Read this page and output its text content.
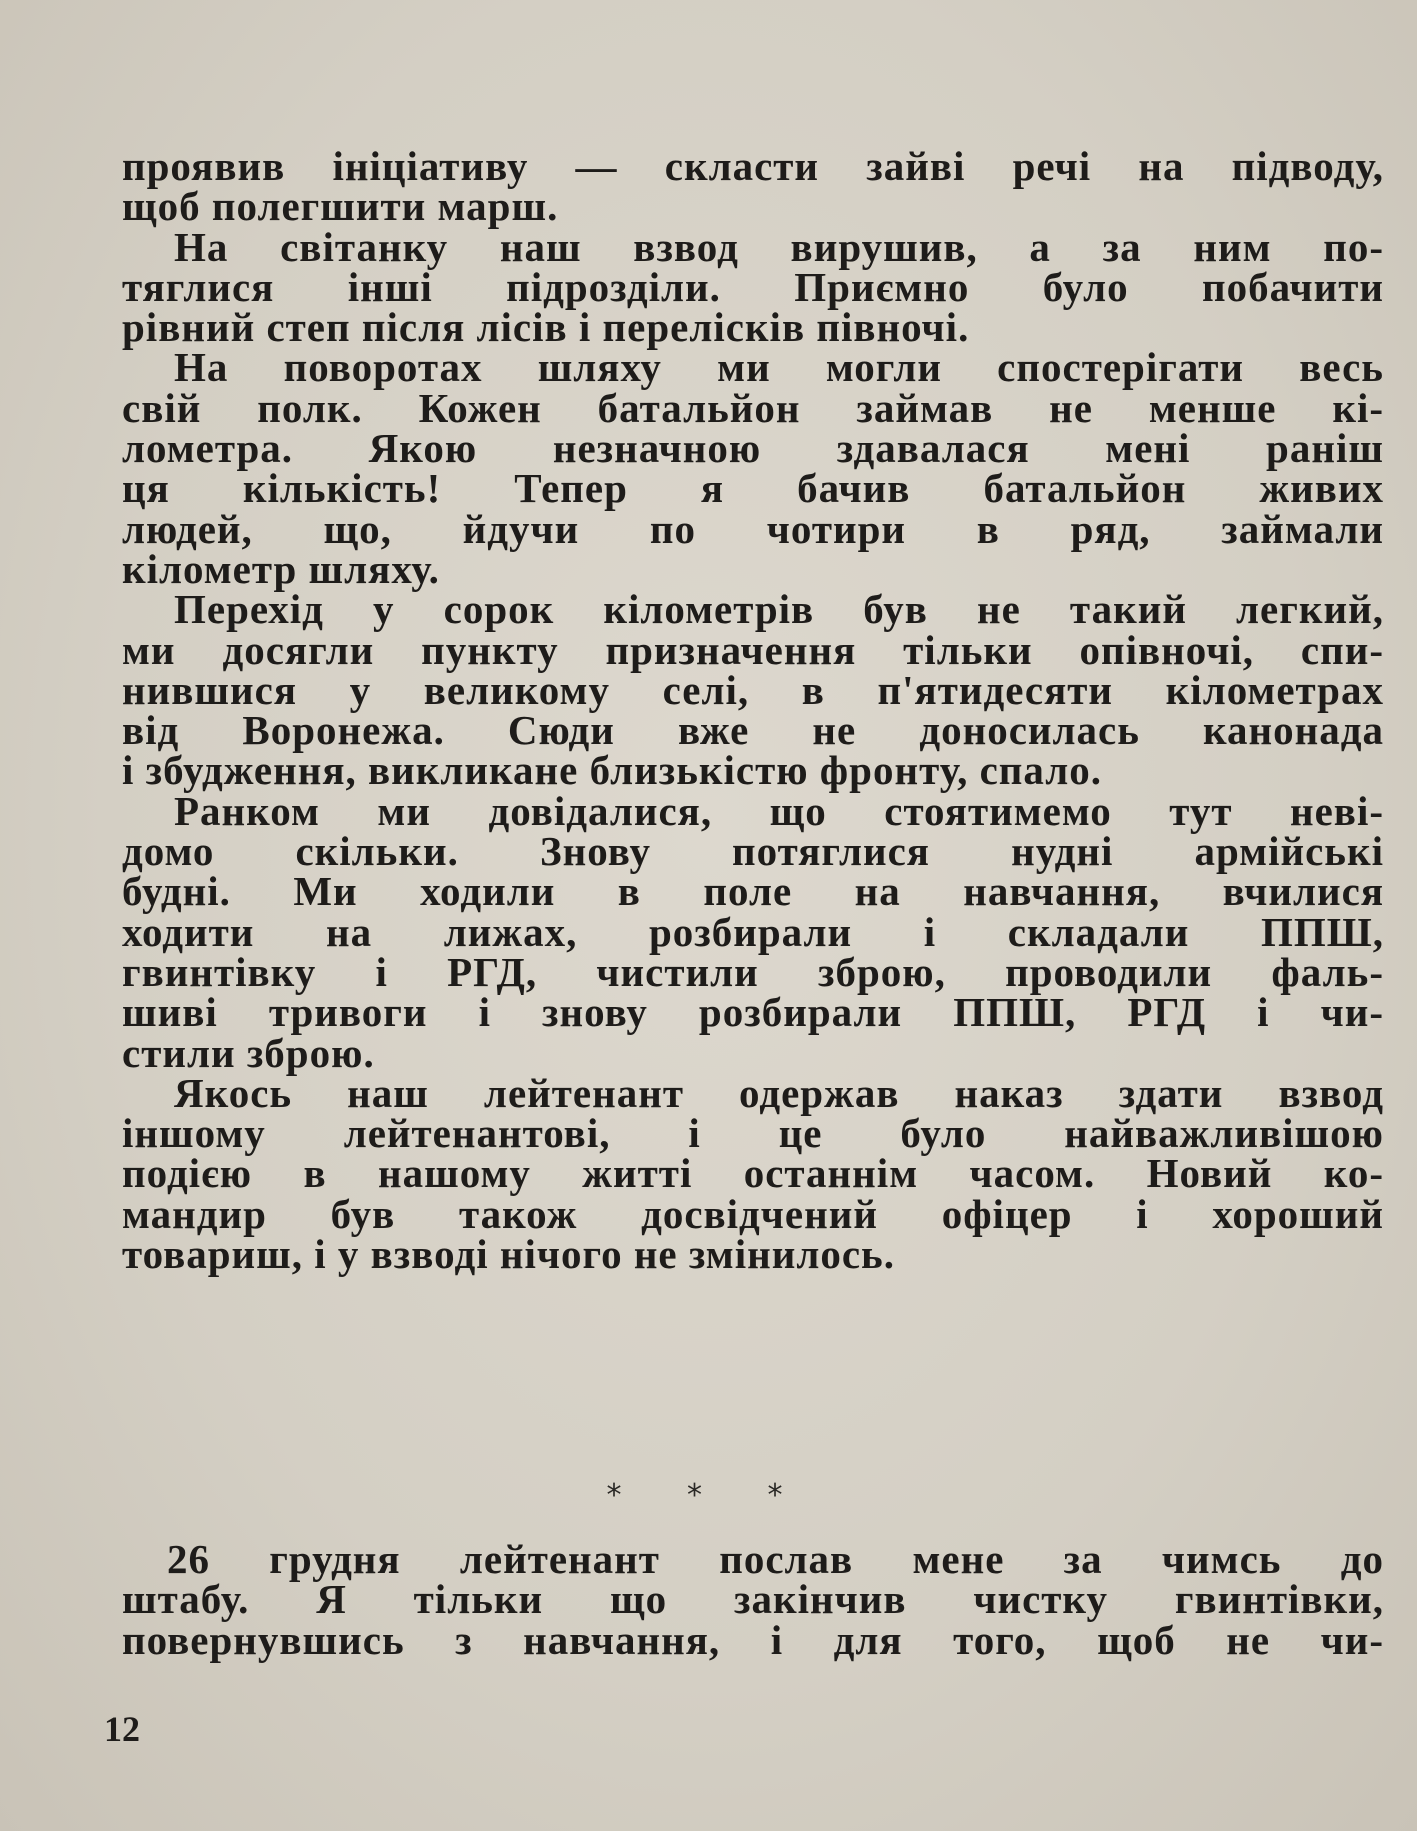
проявив ініціативу — скласти зайві речі на підводу,
щоб полегшити марш.
На світанку наш взвод вирушив, а за ним по-
тяглися інші підрозділи. Приємно було побачити
рівний степ після лісів і перелісків півночі.
На поворотах шляху ми могли спостерігати весь
свій полк. Кожен батальйон займав не менше кі-
лометра. Якою незначною здавалася мені раніш
ця кількість! Тепер я бачив батальйон живих
людей, що, йдучи по чотири в ряд, займали
кілометр шляху.
Перехід у сорок кілометрів був не такий легкий,
ми досягли пункту призначення тільки опівночі, спи-
нившися у великому селі, в п'ятидесяти кілометрах
від Воронежа. Сюди вже не доносилась канонада
і збудження, викликане близькістю фронту, спало.
Ранком ми довідалися, що стоятимемо тут неві-
домо скільки. Знову потяглися нудні армійські
будні. Ми ходили в поле на навчання, вчилися
ходити на лижах, розбирали і складали ППШ,
гвинтівку і РГД, чистили зброю, проводили фаль-
шиві тривоги і знову розбирали ППШ, РГД і чи-
стили зброю.
Якось наш лейтенант одержав наказ здати взвод
іншому лейтенантові, і це було найважливішою
подією в нашому житті останнім часом. Новий ко-
мандир був також досвідчений офіцер і хороший
товариш, і у взводі нічого не змінилось.
* * *
26 грудня лейтенант послав мене за чимсь до
штабу. Я тільки що закінчив чистку гвинтівки,
повернувшись з навчання, і для того, щоб не чи-
12
